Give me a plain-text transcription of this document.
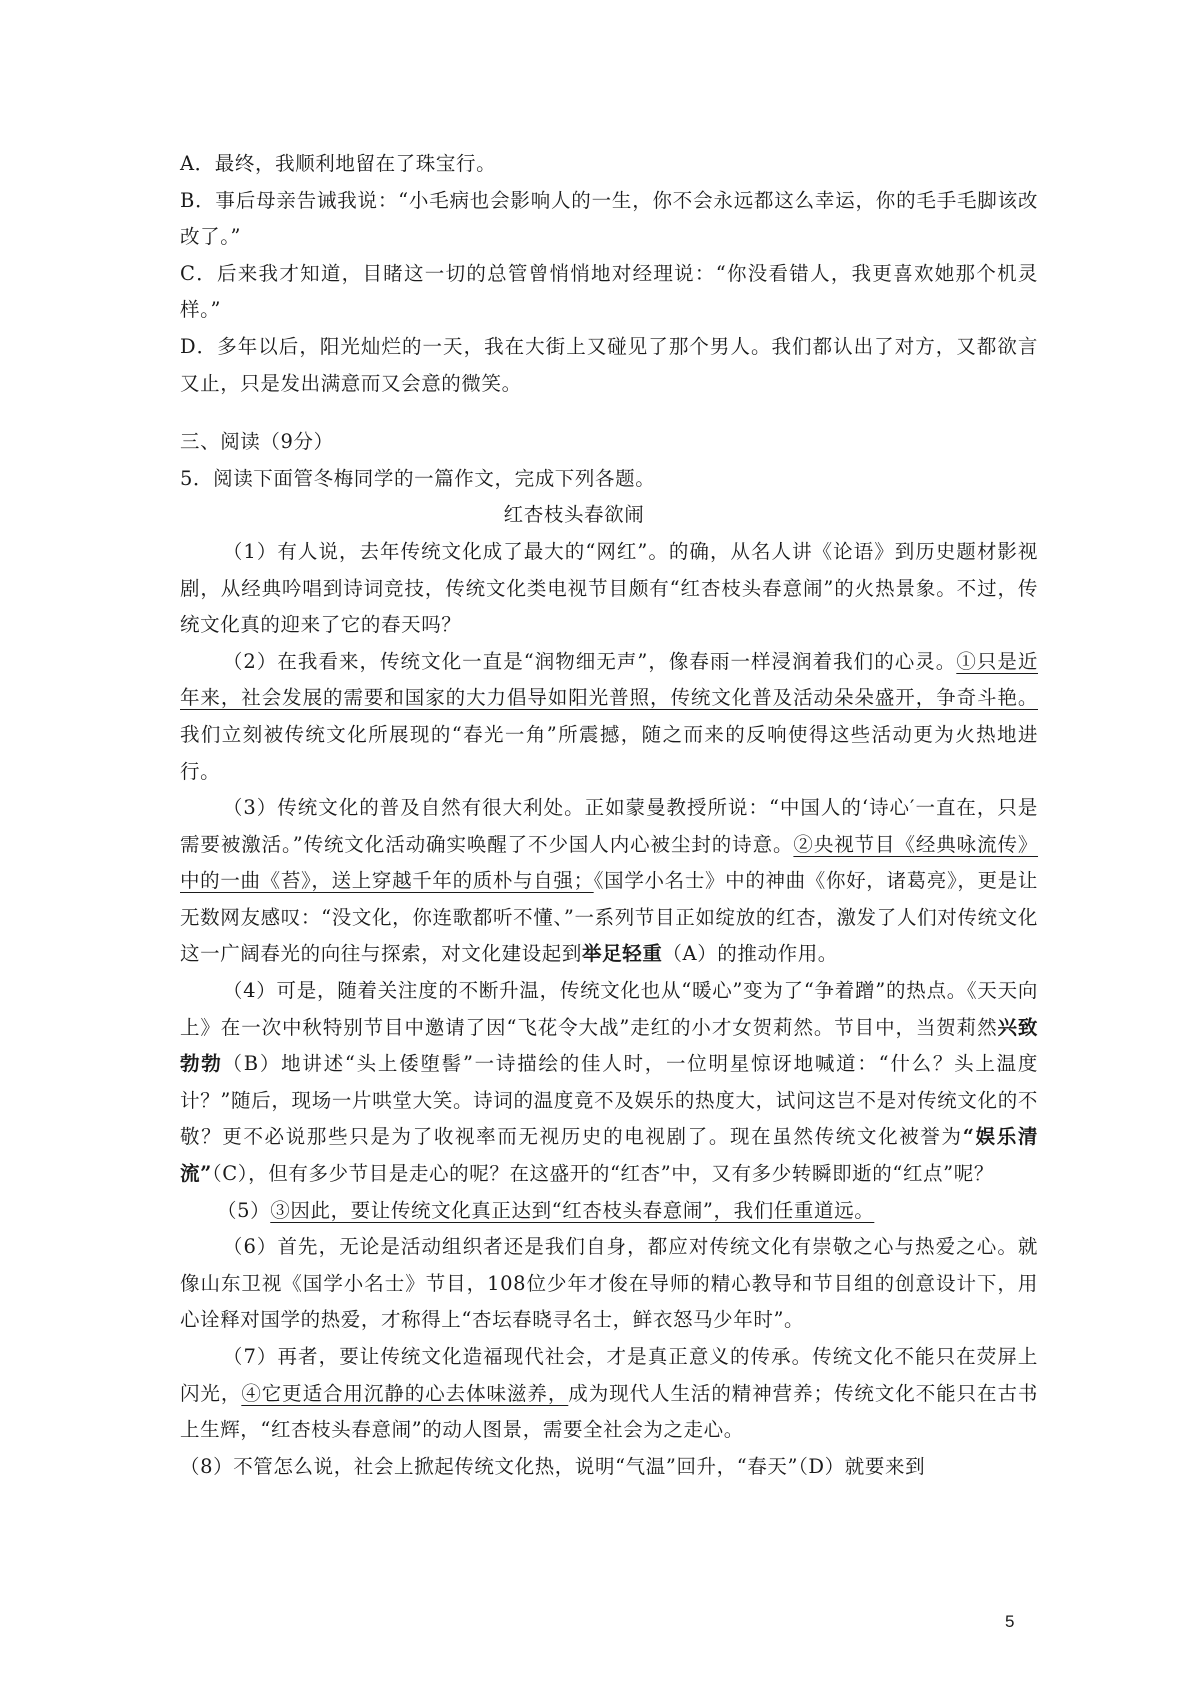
A．最终，我顺利地留在了珠宝行。

B．事后母亲告诫我说：“小毛病也会影响人的一生，你不会永远都这么幸运，你的毛手毛脚该改改了。”

C．后来我才知道，目睹这一切的总管曾悄悄地对经理说：“你没看错人，我更喜欢她那个机灵样。”

D．多年以后，阳光灿烂的一天，我在大街上又碰见了那个男人。我们都认出了对方，又都欲言又止，只是发出满意而又会意的微笑。

三、阅读（9分）

5．阅读下面管冬梅同学的一篇作文，完成下列各题。

红杏枝头春欲闹

（1）有人说，去年传统文化成了最大的“网红”。的确，从名人讲《论语》到历史题材影视剧，从经典吟唱到诗词竞技，传统文化类电视节目颇有“红杏枝头春意闹”的火热景象。不过，传统文化真的迎来了它的春天吗？

（2）在我看来，传统文化一直是“润物细无声”，像春雨一样浸润着我们的心灵。①只是近年来，社会发展的需要和国家的大力倡导如阳光普照，传统文化普及活动朵朵盛开，争奇斗艳。我们立刻被传统文化所展现的“春光一角”所震撼，随之而来的反响使得这些活动更为火热地进行。

（3）传统文化的普及自然有很大利处。正如蒙曼教授所说：“中国人的‘诗心′一直在，只是需要被激活。”传统文化活动确实唤醒了不少国人内心被尘封的诗意。②央视节目《经典咏流传》中的一曲《苔》，送上穿越千年的质朴与自强；《国学小名士》中的神曲《你好，诸葛亮》，更是让无数网友感叹：“没文化，你连歌都听不懂、”一系列节目正如绽放的红杏，激发了人们对传统文化这一广阔春光的向往与探索，对文化建设起到举足轻重（A）的推动作用。

（4）可是，随着关注度的不断升温，传统文化也从“暖心”变为了“争着蹭”的热点。《天天向上》在一次中秋特别节目中邀请了因“飞花令大战”走红的小才女贺莉然。节目中，当贺莉然兴致勃勃（B）地讲述“头上倭堕髻”一诗描绘的佳人时，一位明星惊讶地喊道：“什么？头上温度计？”随后，现场一片哄堂大笑。诗词的温度竟不及娱乐的热度大，试问这岂不是对传统文化的不敬？更不必说那些只是为了收视率而无视历史的电视剧了。现在虽然传统文化被誉为“娱乐清流”（C），但有多少节目是走心的呢？在这盛开的“红杏”中，又有多少转瞬即逝的“红点”呢？

（5）③因此，要让传统文化真正达到“红杏枝头春意闹”，我们任重道远。

（6）首先，无论是活动组织者还是我们自身，都应对传统文化有崇敬之心与热爱之心。就像山东卫视《国学小名士》节目，108位少年才俊在导师的精心教导和节目组的创意设计下，用心诠释对国学的热爱，才称得上“杏坛春晓寻名士，鲜衣怒马少年时”。

（7）再者，要让传统文化造福现代社会，才是真正意义的传承。传统文化不能只在荧屏上闪光，④它更适合用沉静的心去体味滋养，成为现代人生活的精神营养；传统文化不能只在古书上生辉，“红杏枝头春意闹”的动人图景，需要全社会为之走心。

（8）不管怎么说，社会上掀起传统文化热，说明“气温”回升，“春天”（D）就要来到

5
